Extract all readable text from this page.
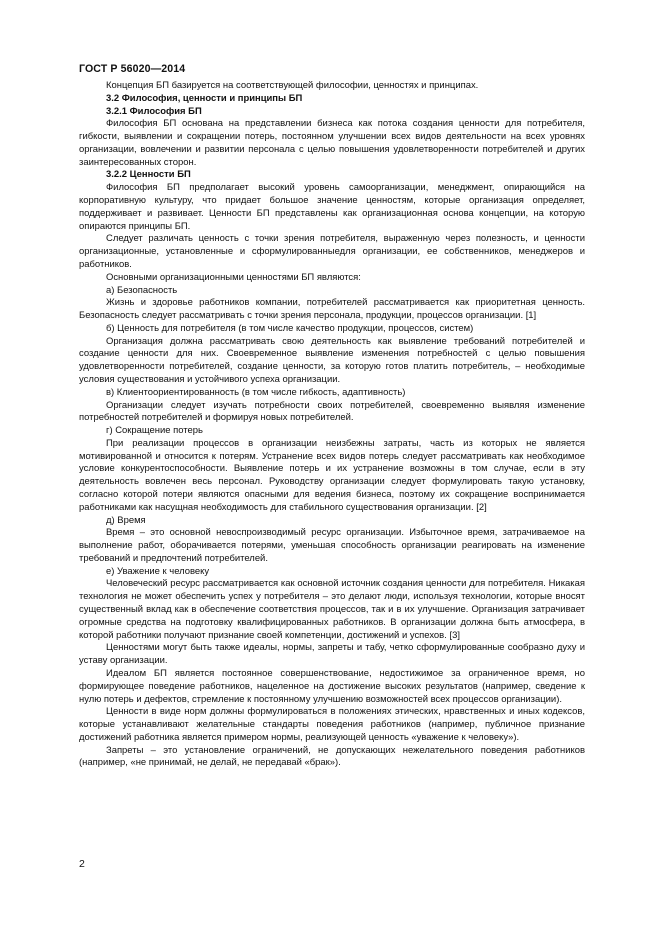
ГОСТ Р 56020—2014

Концепция БП базируется на соответствующей философии, ценностях и принципах.

3.2 Философия, ценности и принципы БП

3.2.1 Философия БП

Философия БП основана на представлении бизнеса как потока создания ценности для потребителя, гибкости, выявлении и сокращении потерь, постоянном улучшении всех видов деятельности на всех уровнях организации, вовлечении и развитии персонала с целью повышения удовлетворенности потребителей и других заинтересованных сторон.

3.2.2 Ценности БП

Философия БП предполагает высокий уровень самоорганизации, менеджмент, опирающийся на корпоративную культуру, что придает большое значение ценностям, которые организация определяет, поддерживает и развивает. Ценности БП представлены как организационная основа концепции, на которую опираются принципы БП.

Следует различать ценность с точки зрения потребителя, выраженную через полезность, и ценности организационные, установленные и сформулированныедля организации, ее собственников, менеджеров и работников.

Основными организационными ценностями БП являются:

а) Безопасность

Жизнь и здоровье работников компании, потребителей рассматривается как приоритетная ценность. Безопасность следует рассматривать с точки зрения персонала, продукции, процессов организации. [1]

б) Ценность для потребителя (в том числе качество продукции, процессов, систем)

Организация должна рассматривать свою деятельность как выявление требований потребителей и создание ценности для них. Своевременное выявление изменения потребностей с целью повышения удовлетворенности потребителей, создание ценности, за которую готов платить потребитель, – необходимые условия существования и устойчивого успеха организации.

в) Клиентоориентированность (в том числе гибкость, адаптивность)

Организации следует изучать потребности своих потребителей, своевременно выявляя изменение потребностей потребителей и формируя новых потребителей.

г) Сокращение потерь

При реализации процессов в организации неизбежны затраты, часть из которых не является мотивированной и относится к потерям. Устранение всех видов потерь следует рассматривать как необходимое условие конкурентоспособности. Выявление потерь и их устранение возможны в том случае, если в эту деятельность вовлечен весь персонал. Руководству организации следует формулировать такую установку, согласно которой потери являются опасными для ведения бизнеса, поэтому их сокращение воспринимается работниками как насущная необходимость для стабильного существования организации. [2]

д) Время

Время – это основной невоспроизводимый ресурс организации. Избыточное время, затрачиваемое на выполнение работ, оборачивается потерями, уменьшая способность организации реагировать на изменение требований и предпочтений потребителей.

е) Уважение к человеку

Человеческий ресурс рассматривается как основной источник создания ценности для потребителя. Никакая технология не может обеспечить успех у потребителя – это делают люди, используя технологии, которые вносят существенный вклад как в обеспечение соответствия процессов, так и в их улучшение. Организация затрачивает огромные средства на подготовку квалифицированных работников. В организации должна быть атмосфера, в которой работники получают признание своей компетенции, достижений и успехов. [3]

Ценностями могут быть также идеалы, нормы, запреты и табу, четко сформулированные сообразно духу и уставу организации.

Идеалом БП является постоянное совершенствование, недостижимое за ограниченное время, но формирующее поведение работников, нацеленное на достижение высоких результатов (например, сведение к нулю потерь и дефектов, стремление к постоянному улучшению возможностей всех процессов организации).

Ценности в виде норм должны формулироваться в положениях этических, нравственных и иных кодексов, которые устанавливают желательные стандарты поведения работников (например, публичное признание достижений работника является примером нормы, реализующей ценность «уважение к человеку»).

Запреты – это установление ограничений, не допускающих нежелательного поведения работников (например, «не принимай, не делай, не передавай «брак»).

2
